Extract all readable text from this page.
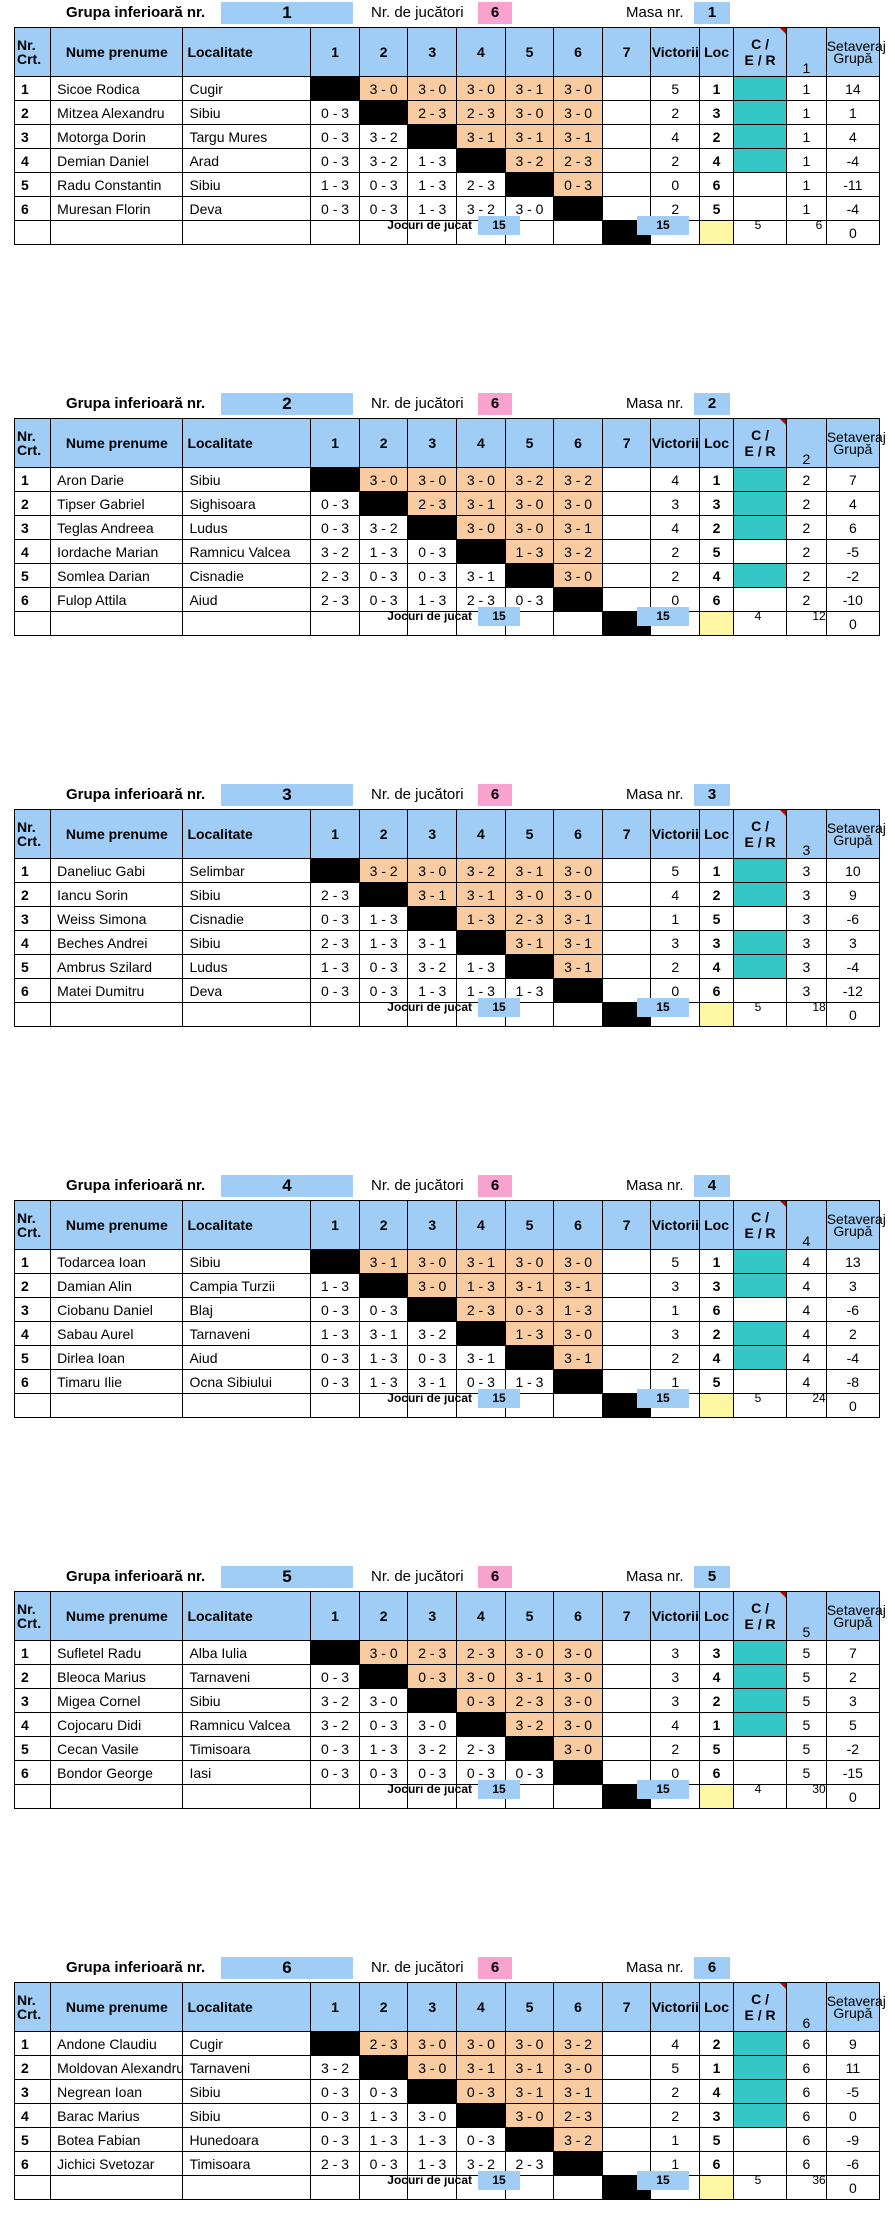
Grupa inferioară nr.	1	Nr. de jucători	6	Masa nr.	1
Nr.
Crt.	Nume prenume	Localitate	1	2	3	4	5	6	7	Victorii	Loc	C /
E / R	1	Setaveraj
Grupă
1	Sicoe Rodica	Cugir		3 - 0	3 - 0	3 - 0	3 - 1	3 - 0		5	1		1	14
2	Mitzea Alexandru	Sibiu	0 - 3		2 - 3	2 - 3	3 - 0	3 - 0		2	3		1	1
3	Motorga Dorin	Targu Mures	0 - 3	3 - 2		3 - 1	3 - 1	3 - 1		4	2		1	4
4	Demian Daniel	Arad	0 - 3	3 - 2	1 - 3		3 - 2	2 - 3		2	4		1	-4
5	Radu Constantin	Sibiu	1 - 3	0 - 3	1 - 3	2 - 3		0 - 3		0	6		1	-11
6	Muresan Florin	Deva	0 - 3	0 - 3	1 - 3	3 - 2	3 - 0			2	5		1	-4
														0
Jocuri de jucat	15	15	5	6
Grupa inferioară nr.	2	Nr. de jucători	6	Masa nr.	2
Nr.
Crt.	Nume prenume	Localitate	1	2	3	4	5	6	7	Victorii	Loc	C /
E / R	2	Setaveraj
Grupă
1	Aron Darie	Sibiu		3 - 0	3 - 0	3 - 0	3 - 2	3 - 2		4	1		2	7
2	Tipser Gabriel	Sighisoara	0 - 3		2 - 3	3 - 1	3 - 0	3 - 0		3	3		2	4
3	Teglas Andreea	Ludus	0 - 3	3 - 2		3 - 0	3 - 0	3 - 1		4	2		2	6
4	Iordache Marian	Ramnicu Valcea	3 - 2	1 - 3	0 - 3		1 - 3	3 - 2		2	5		2	-5
5	Somlea Darian	Cisnadie	2 - 3	0 - 3	0 - 3	3 - 1		3 - 0		2	4		2	-2
6	Fulop Attila	Aiud	2 - 3	0 - 3	1 - 3	2 - 3	0 - 3			0	6		2	-10
														0
Jocuri de jucat	15	15	4	12
Grupa inferioară nr.	3	Nr. de jucători	6	Masa nr.	3
Nr.
Crt.	Nume prenume	Localitate	1	2	3	4	5	6	7	Victorii	Loc	C /
E / R	3	Setaveraj
Grupă
1	Daneliuc Gabi	Selimbar		3 - 2	3 - 0	3 - 2	3 - 1	3 - 0		5	1		3	10
2	Iancu Sorin	Sibiu	2 - 3		3 - 1	3 - 1	3 - 0	3 - 0		4	2		3	9
3	Weiss Simona	Cisnadie	0 - 3	1 - 3		1 - 3	2 - 3	3 - 1		1	5		3	-6
4	Beches Andrei	Sibiu	2 - 3	1 - 3	3 - 1		3 - 1	3 - 1		3	3		3	3
5	Ambrus Szilard	Ludus	1 - 3	0 - 3	3 - 2	1 - 3		3 - 1		2	4		3	-4
6	Matei Dumitru	Deva	0 - 3	0 - 3	1 - 3	1 - 3	1 - 3			0	6		3	-12
														0
Jocuri de jucat	15	15	5	18
Grupa inferioară nr.	4	Nr. de jucători	6	Masa nr.	4
Nr.
Crt.	Nume prenume	Localitate	1	2	3	4	5	6	7	Victorii	Loc	C /
E / R	4	Setaveraj
Grupă
1	Todarcea Ioan	Sibiu		3 - 1	3 - 0	3 - 1	3 - 0	3 - 0		5	1		4	13
2	Damian Alin	Campia Turzii	1 - 3		3 - 0	1 - 3	3 - 1	3 - 1		3	3		4	3
3	Ciobanu Daniel	Blaj	0 - 3	0 - 3		2 - 3	0 - 3	1 - 3		1	6		4	-6
4	Sabau Aurel	Tarnaveni	1 - 3	3 - 1	3 - 2		1 - 3	3 - 0		3	2		4	2
5	Dirlea Ioan	Aiud	0 - 3	1 - 3	0 - 3	3 - 1		3 - 1		2	4		4	-4
6	Timaru Ilie	Ocna Sibiului	0 - 3	1 - 3	3 - 1	0 - 3	1 - 3			1	5		4	-8
														0
Jocuri de jucat	15	15	5	24
Grupa inferioară nr.	5	Nr. de jucători	6	Masa nr.	5
Nr.
Crt.	Nume prenume	Localitate	1	2	3	4	5	6	7	Victorii	Loc	C /
E / R	5	Setaveraj
Grupă
1	Sufletel Radu	Alba Iulia		3 - 0	2 - 3	2 - 3	3 - 0	3 - 0		3	3		5	7
2	Bleoca Marius	Tarnaveni	0 - 3		0 - 3	3 - 0	3 - 1	3 - 0		3	4		5	2
3	Migea Cornel	Sibiu	3 - 2	3 - 0		0 - 3	2 - 3	3 - 0		3	2		5	3
4	Cojocaru Didi	Ramnicu Valcea	3 - 2	0 - 3	3 - 0		3 - 2	3 - 0		4	1		5	5
5	Cecan Vasile	Timisoara	0 - 3	1 - 3	3 - 2	2 - 3		3 - 0		2	5		5	-2
6	Bondor George	Iasi	0 - 3	0 - 3	0 - 3	0 - 3	0 - 3			0	6		5	-15
														0
Jocuri de jucat	15	15	4	30
Grupa inferioară nr.	6	Nr. de jucători	6	Masa nr.	6
Nr.
Crt.	Nume prenume	Localitate	1	2	3	4	5	6	7	Victorii	Loc	C /
E / R	6	Setaveraj
Grupă
1	Andone Claudiu	Cugir		2 - 3	3 - 0	3 - 0	3 - 0	3 - 2		4	2		6	9
2	Moldovan Alexandru	Tarnaveni	3 - 2		3 - 0	3 - 1	3 - 1	3 - 0		5	1		6	11
3	Negrean Ioan	Sibiu	0 - 3	0 - 3		0 - 3	3 - 1	3 - 1		2	4		6	-5
4	Barac Marius	Sibiu	0 - 3	1 - 3	3 - 0		3 - 0	2 - 3		2	3		6	0
5	Botea Fabian	Hunedoara	0 - 3	1 - 3	1 - 3	0 - 3		3 - 2		1	5		6	-9
6	Jichici Svetozar	Timisoara	2 - 3	0 - 3	1 - 3	3 - 2	2 - 3			1	6		6	-6
														0
Jocuri de jucat	15	15	5	36
